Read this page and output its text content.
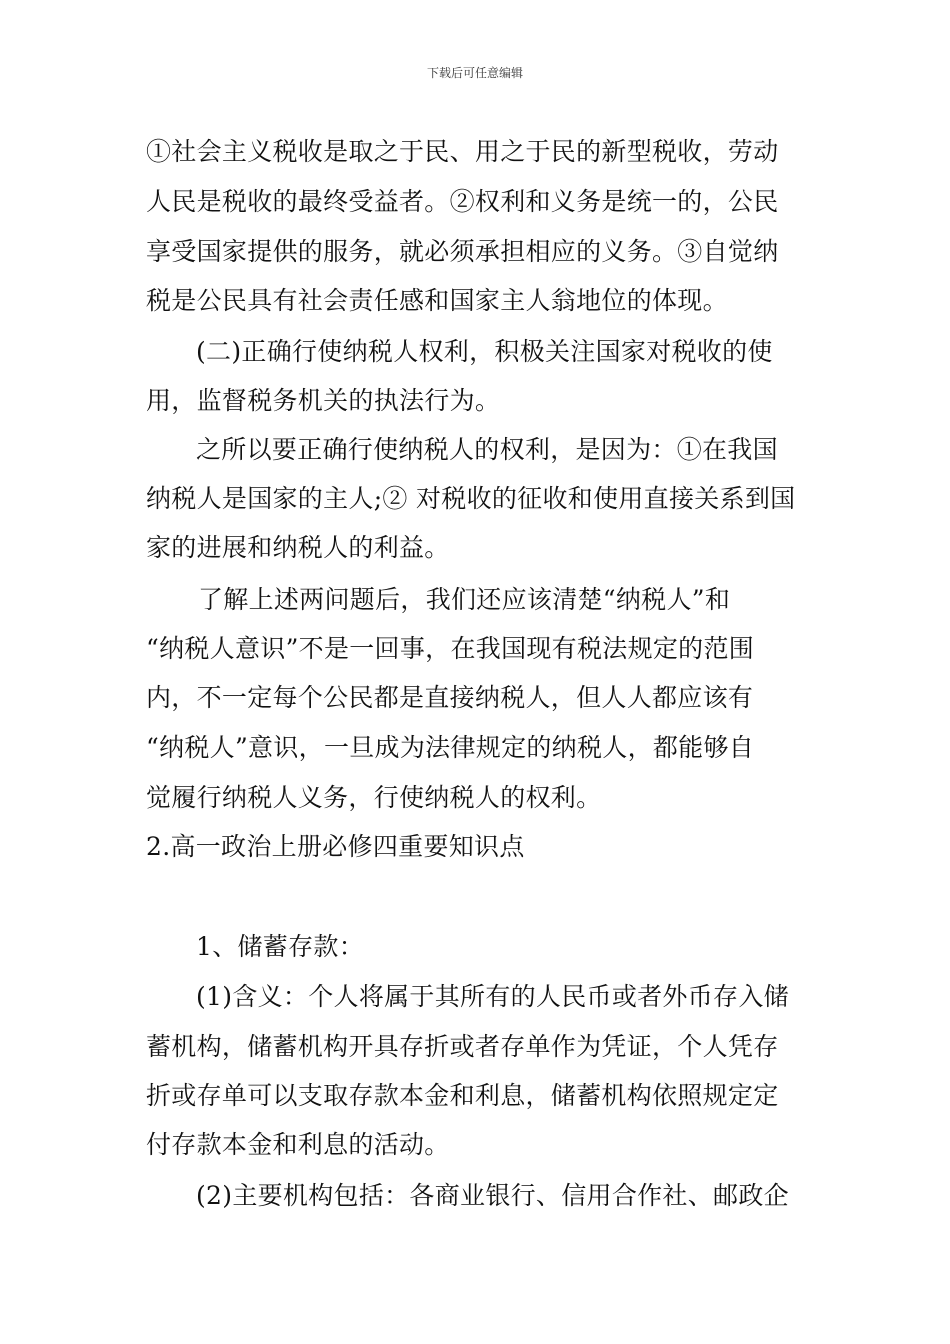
下载后可任意编辑
①社会主义税收是取之于民、用之于民的新型税收，劳动
人民是税收的最终受益者。②权利和义务是统一的，公民
享受国家提供的服务，就必须承担相应的义务。③自觉纳
税是公民具有社会责任感和国家主人翁地位的体现。
(二)正确行使纳税人权利，积极关注国家对税收的使
用，监督税务机关的执法行为。
之所以要正确行使纳税人的权利，是因为：①在我国
纳税人是国家的主人;② 对税收的征收和使用直接关系到国
家的进展和纳税人的利益。
了解上述两问题后，我们还应该清楚“纳税人”和
“纳税人意识”不是一回事，在我国现有税法规定的范围
内，不一定每个公民都是直接纳税人，但人人都应该有
“纳税人”意识，一旦成为法律规定的纳税人，都能够自
觉履行纳税人义务，行使纳税人的权利。
2.高一政治上册必修四重要知识点
1、储蓄存款：
(1)含义：个人将属于其所有的人民币或者外币存入储
蓄机构，储蓄机构开具存折或者存单作为凭证，个人凭存
折或存单可以支取存款本金和利息，储蓄机构依照规定定
付存款本金和利息的活动。
(2)主要机构包括：各商业银行、信用合作社、邮政企
